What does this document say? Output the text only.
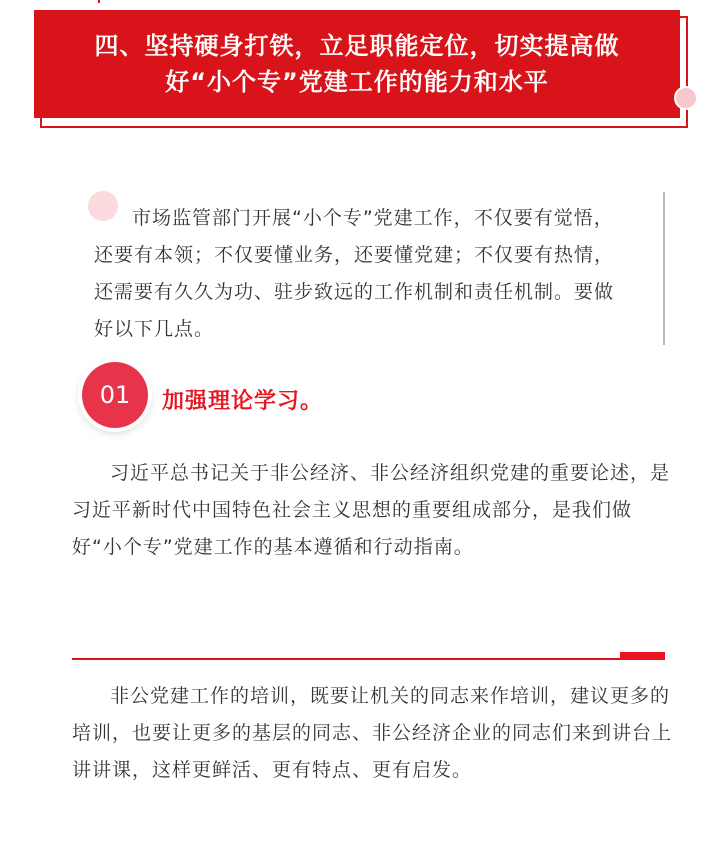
四、坚持硬身打铁，立足职能定位，切实提高做好“小个专”党建工作的能力和水平

市场监管部门开展“小个专”党建工作，不仅要有觉悟，还要有本领；不仅要懂业务，还要懂党建；不仅要有热情，还需要有久久为功、驻步致远的工作机制和责任机制。要做好以下几点。

01 加强理论学习。

习近平总书记关于非公经济、非公经济组织党建的重要论述，是习近平新时代中国特色社会主义思想的重要组成部分，是我们做好“小个专”党建工作的基本遵循和行动指南。

非公党建工作的培训，既要让机关的同志来作培训，建议更多的培训，也要让更多的基层的同志、非公经济企业的同志们来到讲台上讲讲课，这样更鲜活、更有特点、更有启发。
